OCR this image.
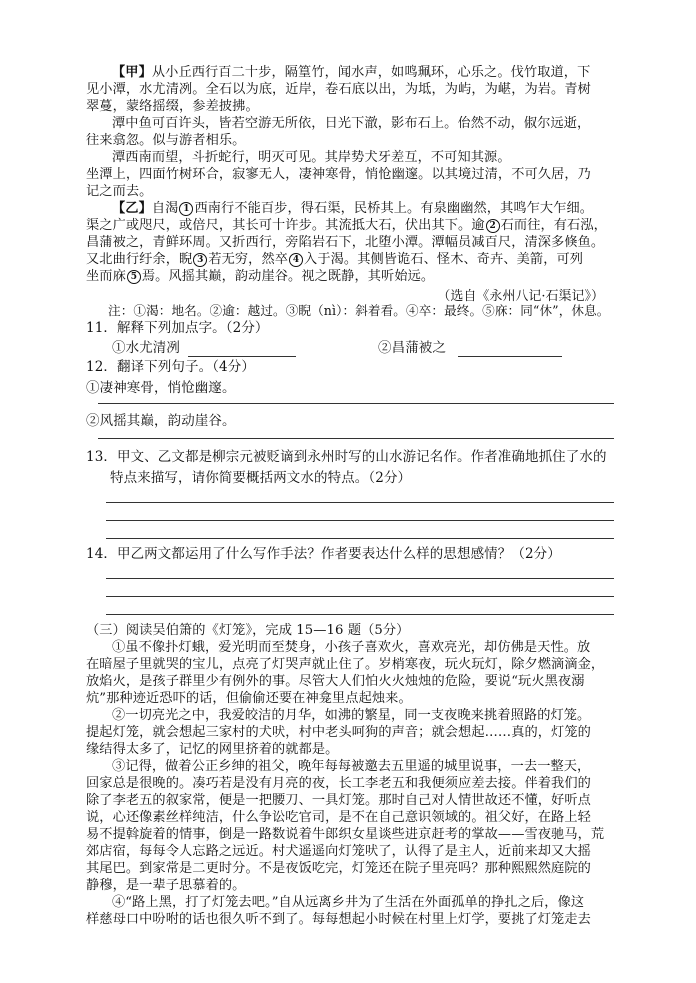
【甲】从小丘西行百二十步，隔篁竹，闻水声，如鸣珮环，心乐之。伐竹取道，下
见小潭，水尤清冽。全石以为底，近岸，卷石底以出，为坻，为屿，为嵁，为岩。青树
翠蔓，蒙络摇缀，参差披拂。
潭中鱼可百许头，皆若空游无所依，日光下澈，影布石上。佁然不动，俶尔远逝，
往来翕忽。似与游者相乐。
潭西南而望，斗折蛇行，明灭可见。其岸势犬牙差互，不可知其源。
坐潭上，四面竹树环合，寂寥无人，凄神寒骨，悄怆幽邃。以其境过清，不可久居，乃
记之而去。
【乙】自渴 1 西南行不能百步，得石渠，民桥其上。有泉幽幽然，其鸣乍大乍细。
渠之广或咫尺，或倍尺，其长可十许步。其流抵大石，伏出其下。逾 2 石而往，有石泓，
昌蒲被之，青鲜环周。又折西行，旁陷岩石下，北堕小潭。潭幅员减百尺，清深多倏鱼。
又北曲行纡余，睨 3 若无穷，然卒 4 入于渴。其侧皆诡石、怪木、奇卉、美箭，可列
坐而庥 5 焉。风摇其巅，韵动崖谷。视之既静，其听始远。
（选自《永州八记·石渠记》）
注：①渴：地名。②逾：越过。③睨（nì）：斜着看。④卒：最终。⑤庥：同“休”，休息。
11．解释下列加点字。（2分）
①水尤清冽	②昌蒲被之
12．翻译下列句子。（4分）
①凄神寒骨，悄怆幽邃。
②风摇其巅，韵动崖谷。
13．甲文、乙文都是柳宗元被贬谪到永州时写的山水游记名作。作者准确地抓住了水的
特点来描写，请你简要概括两文水的特点。（2分）
14．甲乙两文都运用了什么写作手法？作者要表达什么样的思想感情？（2分）
（三）阅读吴伯箫的《灯笼》，完成 15—16 题（5分）
①虽不像扑灯蛾，爱光明而至焚身，小孩子喜欢火，喜欢亮光，却仿佛是天性。放
在暗屋子里就哭的宝儿，点亮了灯哭声就止住了。岁梢寒夜，玩火玩灯，除夕燃滴滴金，
放焰火，是孩子群里少有例外的事。尽管大人们怕火火烛烛的危险，要说“玩火黑夜溺
炕”那种迹近恐吓的话，但偷偷还要在神龛里点起烛来。
②一切亮光之中，我爱皎洁的月华，如沸的繁星，同一支夜晚来挑着照路的灯笼。
提起灯笼，就会想起三家村的犬吠，村中老头呵狗的声音；就会想起……真的，灯笼的
缘结得太多了，记忆的网里挤着的就都是。
③记得，做着公正乡绅的祖父，晚年每每被邀去五里遥的城里说事，一去一整天，
回家总是很晚的。凑巧若是没有月亮的夜，长工李老五和我便须应差去接。伴着我们的
除了李老五的叙家常，便是一把腰刀、一具灯笼。那时自己对人情世故还不懂，好听点
说，心还像素丝样纯洁，什么争讼吃官司，是不在自己意识领域的。祖父好，在路上轻
易不提斡旋着的情事，倒是一路数说着牛郎织女星谈些进京赶考的掌故——雪夜驰马，荒
郊店宿，每每令人忘路之远近。村犬遥遥向灯笼吠了，认得了是主人，近前来却又大摇
其尾巴。到家常是二更时分。不是夜饭吃完，灯笼还在院子里亮吗？那种熙熙然庭院的
静穆，是一辈子思慕着的。
④“路上黑，打了灯笼去吧。”自从远离乡井为了生活在外面孤单的挣扎之后，像这
样慈母口中吩咐的话也很久听不到了。每每想起小时候在村里上灯学，要挑了灯笼走去
